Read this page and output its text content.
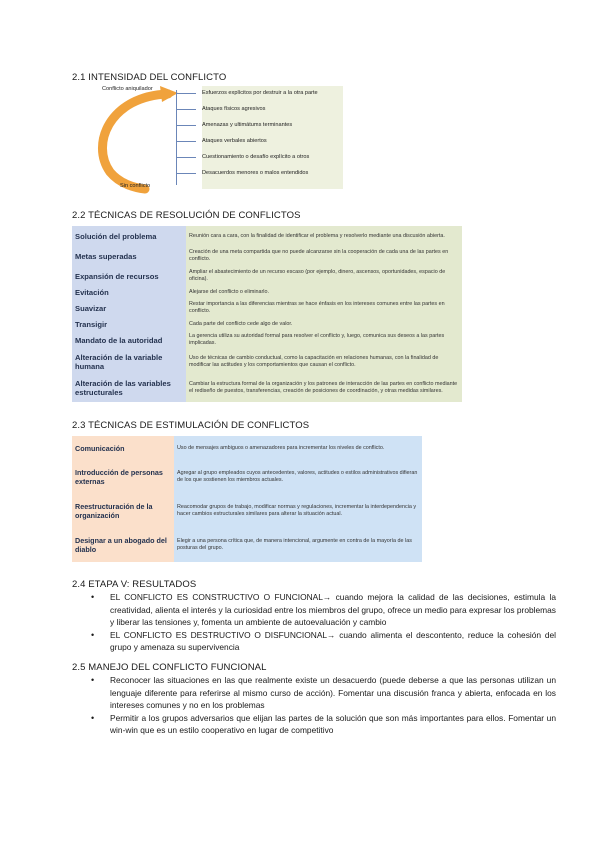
2.1 INTENSIDAD DEL CONFLICTO
Conflicto aniquilador
Sin conflicto
Esfuerzos explícitos por destruir a la otra parte
Ataques físicos agresivos
Amenazas y ultimátums terminantes
Ataques verbales abiertos
Cuestionamiento o desafío explícito a otros
Desacuerdos menores o malos entendidos
2.2 TÉCNICAS DE RESOLUCIÓN DE CONFLICTOS
Solución del problema	Reunión cara a cara, con la finalidad de identificar el problema y resolverlo mediante una discusión abierta.
Metas superadas	Creación de una meta compartida que no puede alcanzarse sin la cooperación de cada una de las partes en conflicto.
Expansión de recursos	Ampliar el abastecimiento de un recurso escaso (por ejemplo, dinero, ascensos, oportunidades, espacio de oficina).
Evitación	Alejarse del conflicto o eliminarlo.
Suavizar	Restar importancia a las diferencias mientras se hace énfasis en los intereses comunes entre las partes en conflicto.
Transigir	Cada parte del conflicto cede algo de valor.
Mandato de la autoridad	La gerencia utiliza su autoridad formal para resolver el conflicto y, luego, comunica sus deseos a las partes implicadas.
Alteración de la variable humana	Uso de técnicas de cambio conductual, como la capacitación en relaciones humanas, con la finalidad de modificar las actitudes y los comportamientos que causan el conflicto.
Alteración de las variables estructurales	Cambiar la estructura formal de la organización y los patrones de interacción de las partes en conflicto mediante el rediseño de puestos, transferencias, creación de posiciones de coordinación, y otras medidas similares.
2.3 TÉCNICAS DE ESTIMULACIÓN DE CONFLICTOS
Comunicación	Uso de mensajes ambiguos o amenazadores para incrementar los niveles de conflicto.
Introducción de personas externas	Agregar al grupo empleados cuyos antecedentes, valores, actitudes o estilos administrativos difieran de los que sostienen los miembros actuales.
Reestructuración de la organización	Reacomodar grupos de trabajo, modificar normas y regulaciones, incrementar la interdependencia y hacer cambios estructurales similares para alterar la situación actual.
Designar a un abogado del diablo	Elegir a una persona crítica que, de manera intencional, argumente en contra de la mayoría de las posturas del grupo.
2.4 ETAPA V: RESULTADOS
• EL CONFLICTO ES CONSTRUCTIVO O FUNCIONAL→ cuando mejora la calidad de las decisiones, estimula la creatividad, alienta el interés y la curiosidad entre los miembros del grupo, ofrece un medio para expresar los problemas y liberar las tensiones y, fomenta un ambiente de autoevaluación y cambio
• EL CONFLICTO ES DESTRUCTIVO O DISFUNCIONAL→ cuando alimenta el descontento, reduce la cohesión del grupo y amenaza su supervivencia
2.5 MANEJO DEL CONFLICTO FUNCIONAL
• Reconocer las situaciones en las que realmente existe un desacuerdo (puede deberse a que las personas utilizan un lenguaje diferente para referirse al mismo curso de acción). Fomentar una discusión franca y abierta, enfocada en los intereses comunes y no en los problemas
• Permitir a los grupos adversarios que elijan las partes de la solución que son más importantes para ellos. Fomentar un win-win que es un estilo cooperativo en lugar de competitivo
